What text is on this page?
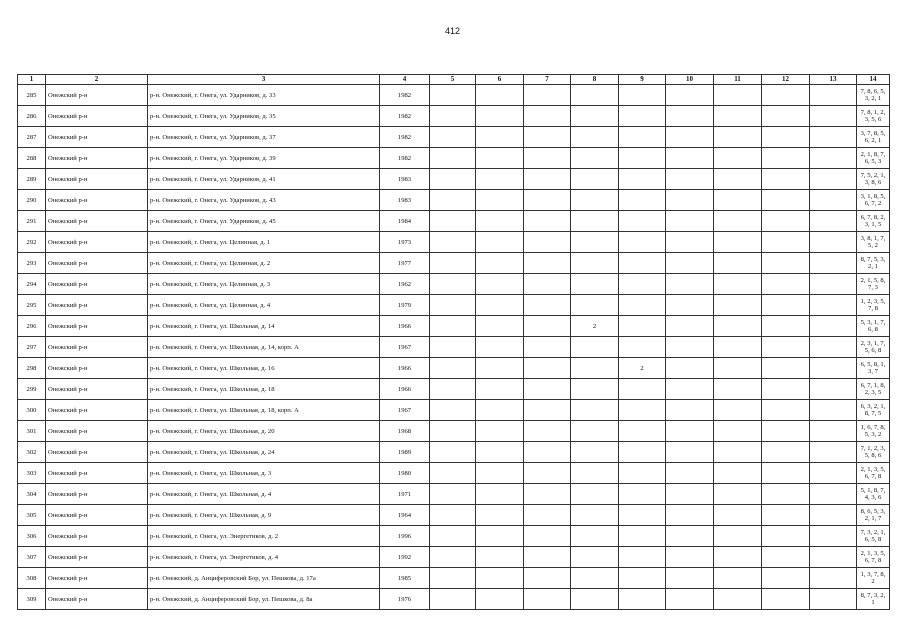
412
1	2	3	4	5	6	7	8	9	10	11	12	13	14
285	Онежский р-н	р-н. Онежский, г. Онега, ул. Ударников, д. 33	1982										7, 8, 6, 5, 3, 2, 1
286	Онежский р-н	р-н. Онежский, г. Онега, ул. Ударников, д. 35	1982										7, 8, 1, 2, 3, 5, 6
287	Онежский р-н	р-н. Онежский, г. Онега, ул. Ударников, д. 37	1982										3, 7, 8, 5, 6, 2, 1
288	Онежский р-н	р-н. Онежский, г. Онега, ул. Ударников, д. 39	1982										2, 1, 8, 7, 6, 5, 3
289	Онежский р-н	р-н. Онежский, г. Онега, ул. Ударников, д. 41	1983										7, 5, 2, 1, 3, 8, 6
290	Онежский р-н	р-н. Онежский, г. Онега, ул. Ударников, д. 43	1983										3, 1, 8, 5, 6, 7, 2
291	Онежский р-н	р-н. Онежский, г. Онега, ул. Ударников, д. 45	1984										6, 7, 8, 2, 3, 1, 5
292	Онежский р-н	р-н. Онежский, г. Онега, ул. Целинная, д. 1	1973										3, 8, 1, 7, 5, 2
293	Онежский р-н	р-н. Онежский, г. Онега, ул. Целинная, д. 2	1977										8, 7, 5, 3, 2, 1
294	Онежский р-н	р-н. Онежский, г. Онега, ул. Целинная, д. 3	1962										2, 1, 5, 8, 7, 3
295	Онежский р-н	р-н. Онежский, г. Онега, ул. Целинная, д. 4	1979										1, 2, 3, 5, 7, 8
296	Онежский р-н	р-н. Онежский, г. Онега, ул. Школьная, д. 14	1966				2						5, 3, 1, 7, 6, 8
297	Онежский р-н	р-н. Онежский, г. Онега, ул. Школьная, д. 14, корп. А	1967										2, 3, 1, 7, 5, 6, 8
298	Онежский р-н	р-н. Онежский, г. Онега, ул. Школьная, д. 16	1966					2					6, 5, 8, 1, 3, 7
299	Онежский р-н	р-н. Онежский, г. Онега, ул. Школьная, д. 18	1966										6, 7, 1, 8, 2, 3, 5
300	Онежский р-н	р-н. Онежский, г. Онега, ул. Школьная, д. 18, корп. А	1967										6, 3, 2, 1, 8, 7, 5
301	Онежский р-н	р-н. Онежский, г. Онега, ул. Школьная, д. 20	1968										1, 6, 7, 8, 5, 3, 2
302	Онежский р-н	р-н. Онежский, г. Онега, ул. Школьная, д. 24	1989										7, 1, 2, 3, 5, 8, 6
303	Онежский р-н	р-н. Онежский, г. Онега, ул. Школьная, д. 3	1980										2, 1, 3, 5, 6, 7, 8
304	Онежский р-н	р-н. Онежский, г. Онега, ул. Школьная, д. 4	1971										5, 1, 8, 7, 4, 3, 6
305	Онежский р-н	р-н. Онежский, г. Онега, ул. Школьная, д. 9	1964										8, 6, 5, 3, 2, 1, 7
306	Онежский р-н	р-н. Онежский, г. Онега, ул. Энергетиков, д. 2	1996										7, 3, 2, 1, 6, 5, 8
307	Онежский р-н	р-н. Онежский, г. Онега, ул. Энергетиков, д. 4	1992										2, 1, 3, 5, 6, 7, 8
308	Онежский р-н	р-н. Онежский, д. Анциферовский Бор, ул. Пешкова, д. 17а	1985										1, 3, 7, 8, 2
309	Онежский р-н	р-н. Онежский, д. Анциферовский Бор, ул. Пешкова, д. 8а	1976										8, 7, 3, 2, 1
